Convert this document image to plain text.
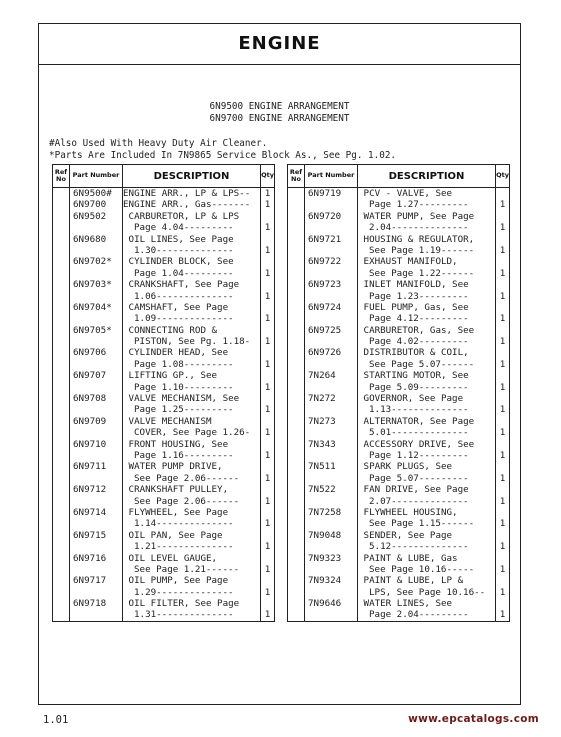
ENGINE
6N9500 ENGINE ARRANGEMENT
6N9700 ENGINE ARRANGEMENT
#Also Used With Heavy Duty Air Cleaner.
*Parts Are Included In 7N9865 Service Block As., See Pg. 1.02.
Ref No	Part Number	DESCRIPTION	Qty

	6N9500#	ENGINE ARR., LP & LPS--	1

	6N9700	ENGINE ARR., Gas-------	1

	6N9502	CARBURETOR, LP & LPS
Page 4.04---------	1

	6N9680	OIL LINES, See Page
1.30--------------	1

	6N9702*	CYLINDER BLOCK, See
Page 1.04---------	1

	6N9703*	CRANKSHAFT, See Page
1.06--------------	1

	6N9704*	CAMSHAFT, See Page
1.09--------------	1

	6N9705*	CONNECTING ROD &
PISTON, See Pg. 1.18-	1

	6N9706	CYLINDER HEAD, See
Page 1.08---------	1

	6N9707	LIFTING GP., See
Page 1.10---------	1

	6N9708	VALVE MECHANISM, See
Page 1.25---------	1

	6N9709	VALVE MECHANISM
COVER, See Page 1.26-	1

	6N9710	FRONT HOUSING, See
Page 1.16---------	1

	6N9711	WATER PUMP DRIVE,
See Page 2.06------	1

	6N9712	CRANKSHAFT PULLEY,
See Page 2.06------	1

	6N9714	FLYWHEEL, See Page
1.14--------------	1

	6N9715	OIL PAN, See Page
1.21--------------	1

	6N9716	OIL LEVEL GAUGE,
See Page 1.21------	1

	6N9717	OIL PUMP, See Page
1.29--------------	1

	6N9718	OIL FILTER, See Page
1.31--------------	1
Ref No	Part Number	DESCRIPTION	Qty

	6N9719	PCV - VALVE, See
Page 1.27---------	1

	6N9720	WATER PUMP, See Page
2.04--------------	1

	6N9721	HOUSING & REGULATOR,
See Page 1.19------	1

	6N9722	EXHAUST MANIFOLD,
See Page 1.22------	1

	6N9723	INLET MANIFOLD, See
Page 1.23---------	1

	6N9724	FUEL PUMP, Gas, See
Page 4.12---------	1

	6N9725	CARBURETOR, Gas, See
Page 4.02---------	1

	6N9726	DISTRIBUTOR & COIL,
See Page 5.07------	1

	7N264	STARTING MOTOR, See
Page 5.09---------	1

	7N272	GOVERNOR, See Page
1.13--------------	1

	7N273	ALTERNATOR, See Page
5.01--------------	1

	7N343	ACCESSORY DRIVE, See
Page 1.12---------	1

	7N511	SPARK PLUGS, See
Page 5.07---------	1

	7N522	FAN DRIVE, See Page
2.07--------------	1

	7N7258	FLYWHEEL HOUSING,
See Page 1.15------	1

	7N9048	SENDER, See Page
5.12--------------	1

	7N9323	PAINT & LUBE, Gas
See Page 10.16-----	1

	7N9324	PAINT & LUBE, LP &
LPS, See Page 10.16--	1

	7N9646	WATER LINES, See
Page 2.04---------	1
1.01	www.epcatalogs.com
